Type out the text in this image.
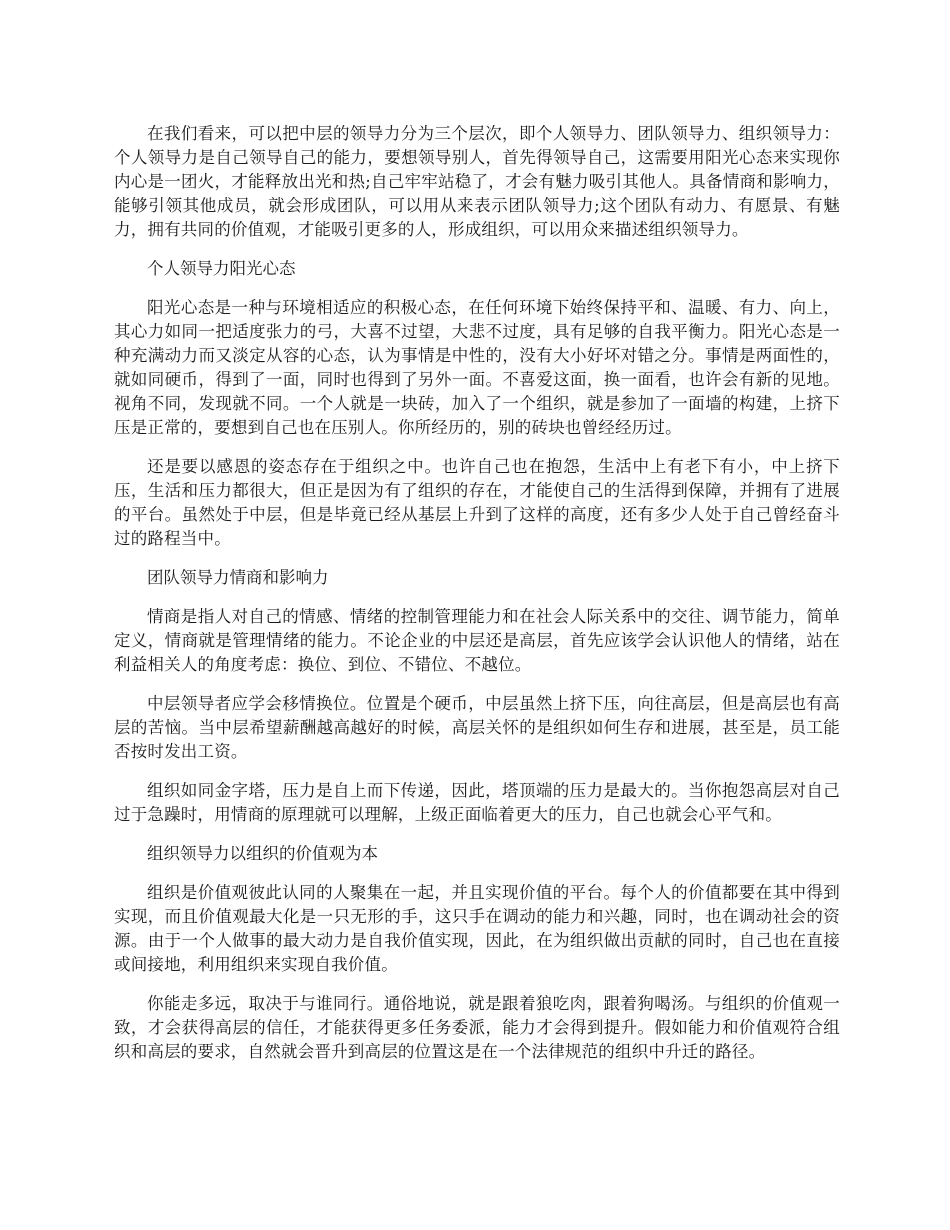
在我们看来，可以把中层的领导力分为三个层次，即个人领导力、团队领导力、组织领导力：个人领导力是自己领导自己的能力，要想领导别人，首先得领导自己，这需要用阳光心态来实现你内心是一团火，才能释放出光和热;自己牢牢站稳了，才会有魅力吸引其他人。具备情商和影响力，能够引领其他成员，就会形成团队，可以用从来表示团队领导力;这个团队有动力、有愿景、有魅力，拥有共同的价值观，才能吸引更多的人，形成组织，可以用众来描述组织领导力。

个人领导力阳光心态

阳光心态是一种与环境相适应的积极心态，在任何环境下始终保持平和、温暖、有力、向上，其心力如同一把适度张力的弓，大喜不过望，大悲不过度，具有足够的自我平衡力。阳光心态是一种充满动力而又淡定从容的心态，认为事情是中性的，没有大小好坏对错之分。事情是两面性的，就如同硬币，得到了一面，同时也得到了另外一面。不喜爱这面，换一面看，也许会有新的见地。视角不同，发现就不同。一个人就是一块砖，加入了一个组织，就是参加了一面墙的构建，上挤下压是正常的，要想到自己也在压别人。你所经历的，别的砖块也曾经经历过。

还是要以感恩的姿态存在于组织之中。也许自己也在抱怨，生活中上有老下有小，中上挤下压，生活和压力都很大，但正是因为有了组织的存在，才能使自己的生活得到保障，并拥有了进展的平台。虽然处于中层，但是毕竟已经从基层上升到了这样的高度，还有多少人处于自己曾经奋斗过的路程当中。

团队领导力情商和影响力

情商是指人对自己的情感、情绪的控制管理能力和在社会人际关系中的交往、调节能力，简单定义，情商就是管理情绪的能力。不论企业的中层还是高层，首先应该学会认识他人的情绪，站在利益相关人的角度考虑：换位、到位、不错位、不越位。

中层领导者应学会移情换位。位置是个硬币，中层虽然上挤下压，向往高层，但是高层也有高层的苦恼。当中层希望薪酬越高越好的时候，高层关怀的是组织如何生存和进展，甚至是，员工能否按时发出工资。

组织如同金字塔，压力是自上而下传递，因此，塔顶端的压力是最大的。当你抱怨高层对自己过于急躁时，用情商的原理就可以理解，上级正面临着更大的压力，自己也就会心平气和。

组织领导力以组织的价值观为本

组织是价值观彼此认同的人聚集在一起，并且实现价值的平台。每个人的价值都要在其中得到实现，而且价值观最大化是一只无形的手，这只手在调动的能力和兴趣，同时，也在调动社会的资源。由于一个人做事的最大动力是自我价值实现，因此，在为组织做出贡献的同时，自己也在直接或间接地，利用组织来实现自我价值。

你能走多远，取决于与谁同行。通俗地说，就是跟着狼吃肉，跟着狗喝汤。与组织的价值观一致，才会获得高层的信任，才能获得更多任务委派，能力才会得到提升。假如能力和价值观符合组织和高层的要求，自然就会晋升到高层的位置这是在一个法律规范的组织中升迁的路径。
